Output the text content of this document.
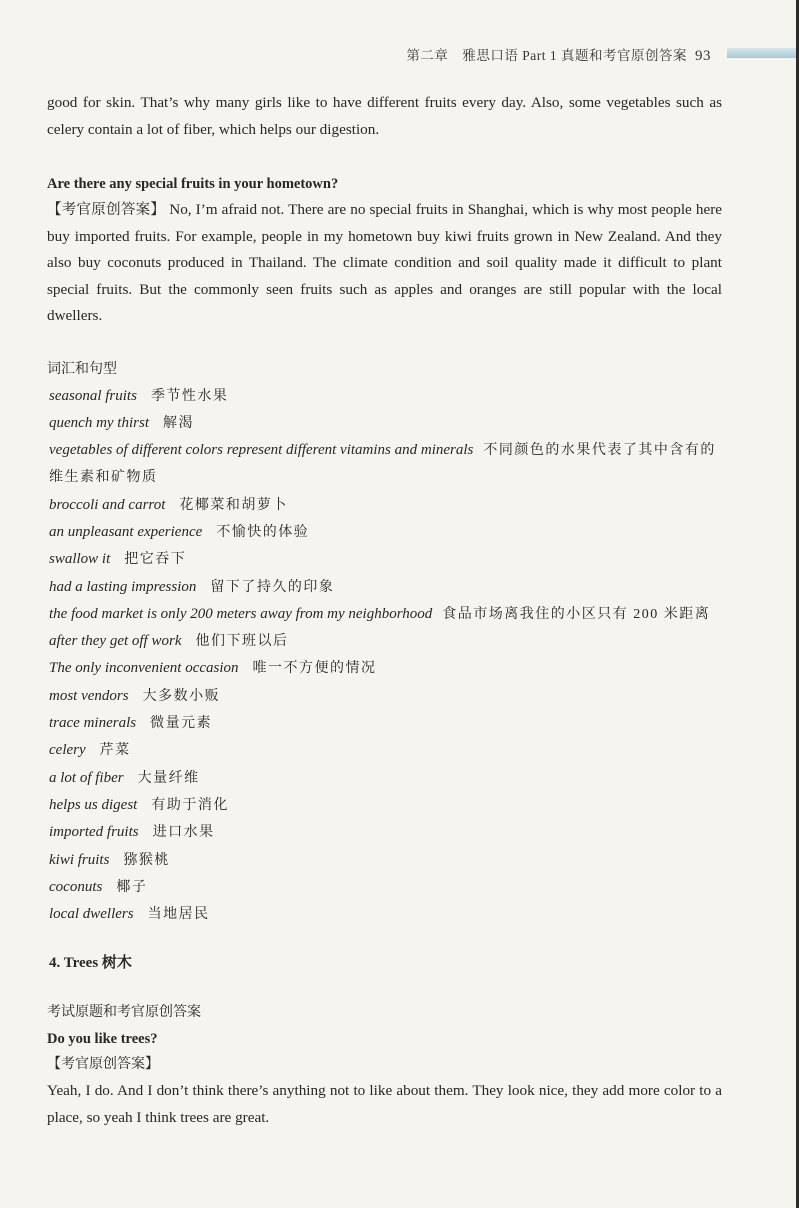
第二章　雅思口语 Part 1 真题和考官原创答案 93

good for skin. That’s why many girls like to have different fruits every day. Also, some vegetables such as celery contain a lot of fiber, which helps our digestion.

Are there any special fruits in your hometown?

【考官原创答案】 No, I’m afraid not. There are no special fruits in Shanghai, which is why most people here buy imported fruits. For example, people in my hometown buy kiwi fruits grown in New Zealand. And they also buy coconuts produced in Thailand. The climate condition and soil quality made it difficult to plant special fruits. But the commonly seen fruits such as apples and oranges are still popular with the local dwellers.

词汇和句型

seasonal fruits 季节性水果
quench my thirst 解渴
vegetables of different colors represent different vitamins and minerals 不同颜色的水果代表了其中含有的维生素和矿物质
broccoli and carrot 花椰菜和胡萝卜
an unpleasant experience 不愉快的体验
swallow it 把它吞下
had a lasting impression 留下了持久的印象
the food market is only 200 meters away from my neighborhood 食品市场离我住的小区只有 200 米距离
after they get off work 他们下班以后
The only inconvenient occasion 唯一不方便的情况
most vendors 大多数小贩
trace minerals 微量元素
celery 芹菜
a lot of fiber 大量纤维
helps us digest 有助于消化
imported fruits 进口水果
kiwi fruits 猕猴桃
coconuts 椰子
local dwellers 当地居民

4. Trees 树木

考试原题和考官原创答案

Do you like trees?

【考官原创答案】

Yeah, I do. And I don’t think there’s anything not to like about them. They look nice, they add more color to a place, so yeah I think trees are great.
